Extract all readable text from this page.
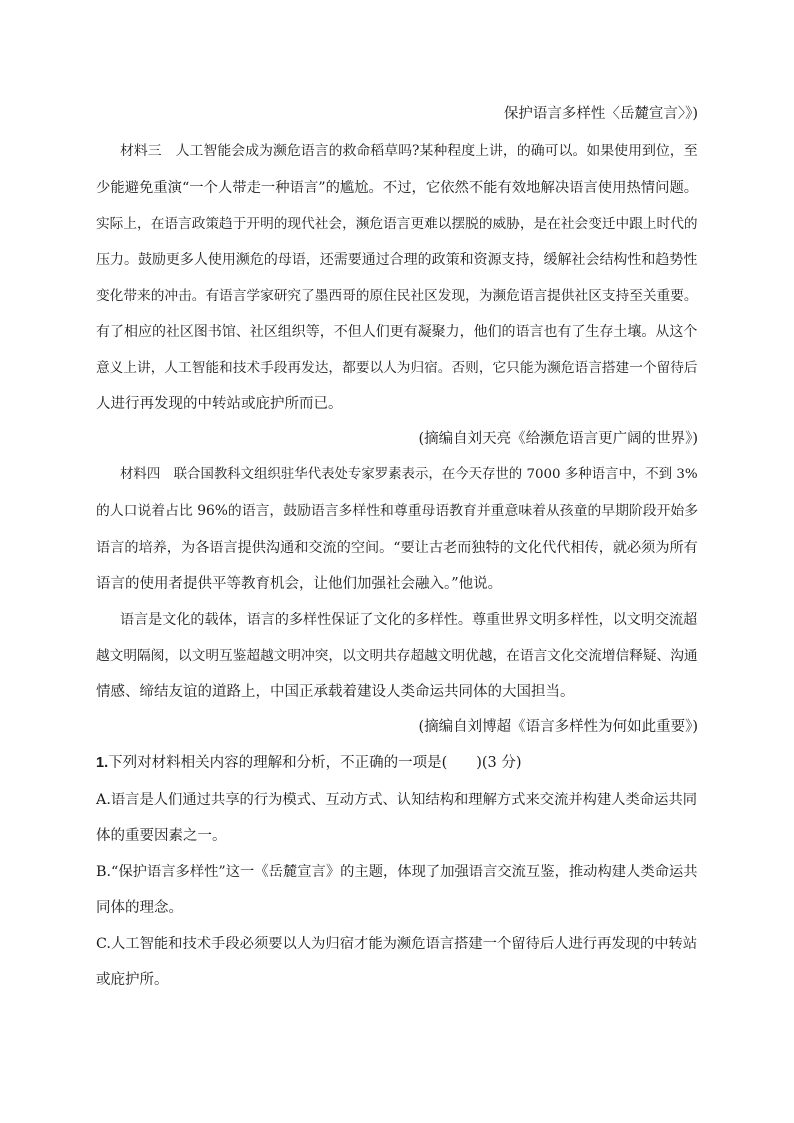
保护语言多样性〈岳麓宣言〉》)
材料三　人工智能会成为濒危语言的救命稻草吗?某种程度上讲，的确可以。如果使用到位，至
少能避免重演“一个人带走一种语言”的尴尬。不过，它依然不能有效地解决语言使用热情问题。
实际上，在语言政策趋于开明的现代社会，濒危语言更难以摆脱的威胁，是在社会变迁中跟上时代的
压力。鼓励更多人使用濒危的母语，还需要通过合理的政策和资源支持，缓解社会结构性和趋势性
变化带来的冲击。有语言学家研究了墨西哥的原住民社区发现，为濒危语言提供社区支持至关重要。
有了相应的社区图书馆、社区组织等，不但人们更有凝聚力，他们的语言也有了生存土壤。从这个
意义上讲，人工智能和技术手段再发达，都要以人为归宿。否则，它只能为濒危语言搭建一个留待后
人进行再发现的中转站或庇护所而已。
(摘编自刘天亮《给濒危语言更广阔的世界》)
材料四　联合国教科文组织驻华代表处专家罗素表示，在今天存世的 7000 多种语言中，不到 3%
的人口说着占比 96%的语言，鼓励语言多样性和尊重母语教育并重意味着从孩童的早期阶段开始多
语言的培养，为各语言提供沟通和交流的空间。“要让古老而独特的文化代代相传，就必须为所有
语言的使用者提供平等教育机会，让他们加强社会融入。”他说。
语言是文化的载体，语言的多样性保证了文化的多样性。尊重世界文明多样性，以文明交流超
越文明隔阂，以文明互鉴超越文明冲突，以文明共存超越文明优越，在语言文化交流增信释疑、沟通
情感、缔结友谊的道路上，中国正承载着建设人类命运共同体的大国担当。
(摘编自刘博超《语言多样性为何如此重要》)
1.下列对材料相关内容的理解和分析，不正确的一项是(　　)(3 分)
A.语言是人们通过共享的行为模式、互动方式、认知结构和理解方式来交流并构建人类命运共同
体的重要因素之一。
B.“保护语言多样性”这一《岳麓宣言》的主题，体现了加强语言交流互鉴，推动构建人类命运共
同体的理念。
C.人工智能和技术手段必须要以人为归宿才能为濒危语言搭建一个留待后人进行再发现的中转站
或庇护所。
